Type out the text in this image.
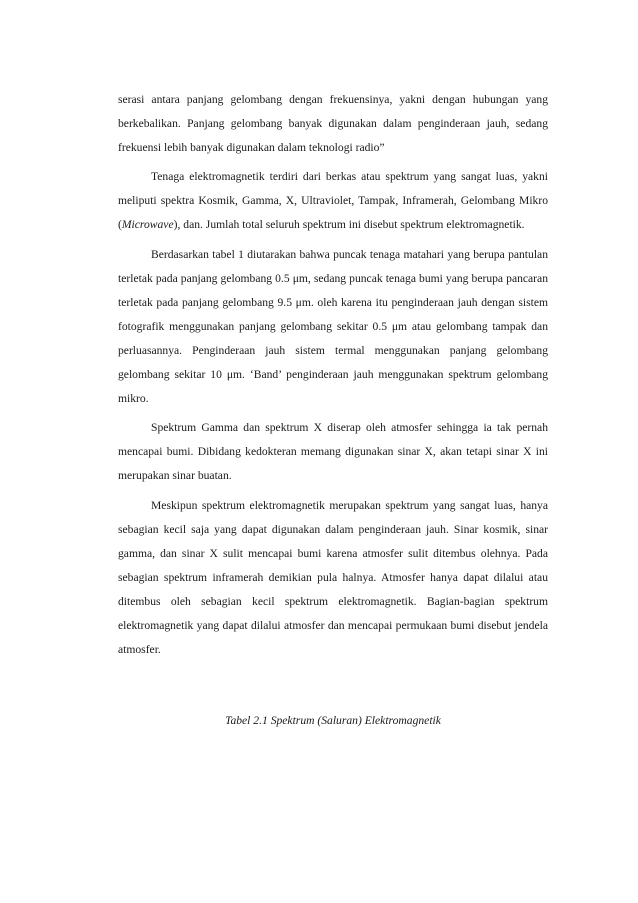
serasi antara panjang gelombang dengan frekuensinya, yakni dengan hubungan yang berkebalikan. Panjang gelombang banyak digunakan dalam penginderaan jauh, sedang frekuensi lebih banyak digunakan dalam teknologi radio”

Tenaga elektromagnetik terdiri dari berkas atau spektrum yang sangat luas, yakni meliputi spektra Kosmik, Gamma, X, Ultraviolet, Tampak, Inframerah, Gelombang Mikro (Microwave), dan. Jumlah total seluruh spektrum ini disebut spektrum elektromagnetik.

Berdasarkan tabel 1 diutarakan bahwa puncak tenaga matahari yang berupa pantulan terletak pada panjang gelombang 0.5 μm, sedang puncak tenaga bumi yang berupa pancaran terletak pada panjang gelombang 9.5 μm. oleh karena itu penginderaan jauh dengan sistem fotografik menggunakan panjang gelombang sekitar 0.5 μm atau gelombang tampak dan perluasannya. Penginderaan jauh sistem termal menggunakan panjang gelombang gelombang sekitar 10 μm. ‘Band’ penginderaan jauh menggunakan spektrum gelombang mikro.

Spektrum Gamma dan spektrum X diserap oleh atmosfer sehingga ia tak pernah mencapai bumi. Dibidang kedokteran memang digunakan sinar X, akan tetapi sinar X ini merupakan sinar buatan.

Meskipun spektrum elektromagnetik merupakan spektrum yang sangat luas, hanya sebagian kecil saja yang dapat digunakan dalam penginderaan jauh. Sinar kosmik, sinar gamma, dan sinar X sulit mencapai bumi karena atmosfer sulit ditembus olehnya. Pada sebagian spektrum inframerah demikian pula halnya. Atmosfer hanya dapat dilalui atau ditembus oleh sebagian kecil spektrum elektromagnetik. Bagian-bagian spektrum elektromagnetik yang dapat dilalui atmosfer dan mencapai permukaan bumi disebut jendela atmosfer.

Tabel 2.1 Spektrum (Saluran) Elektromagnetik
